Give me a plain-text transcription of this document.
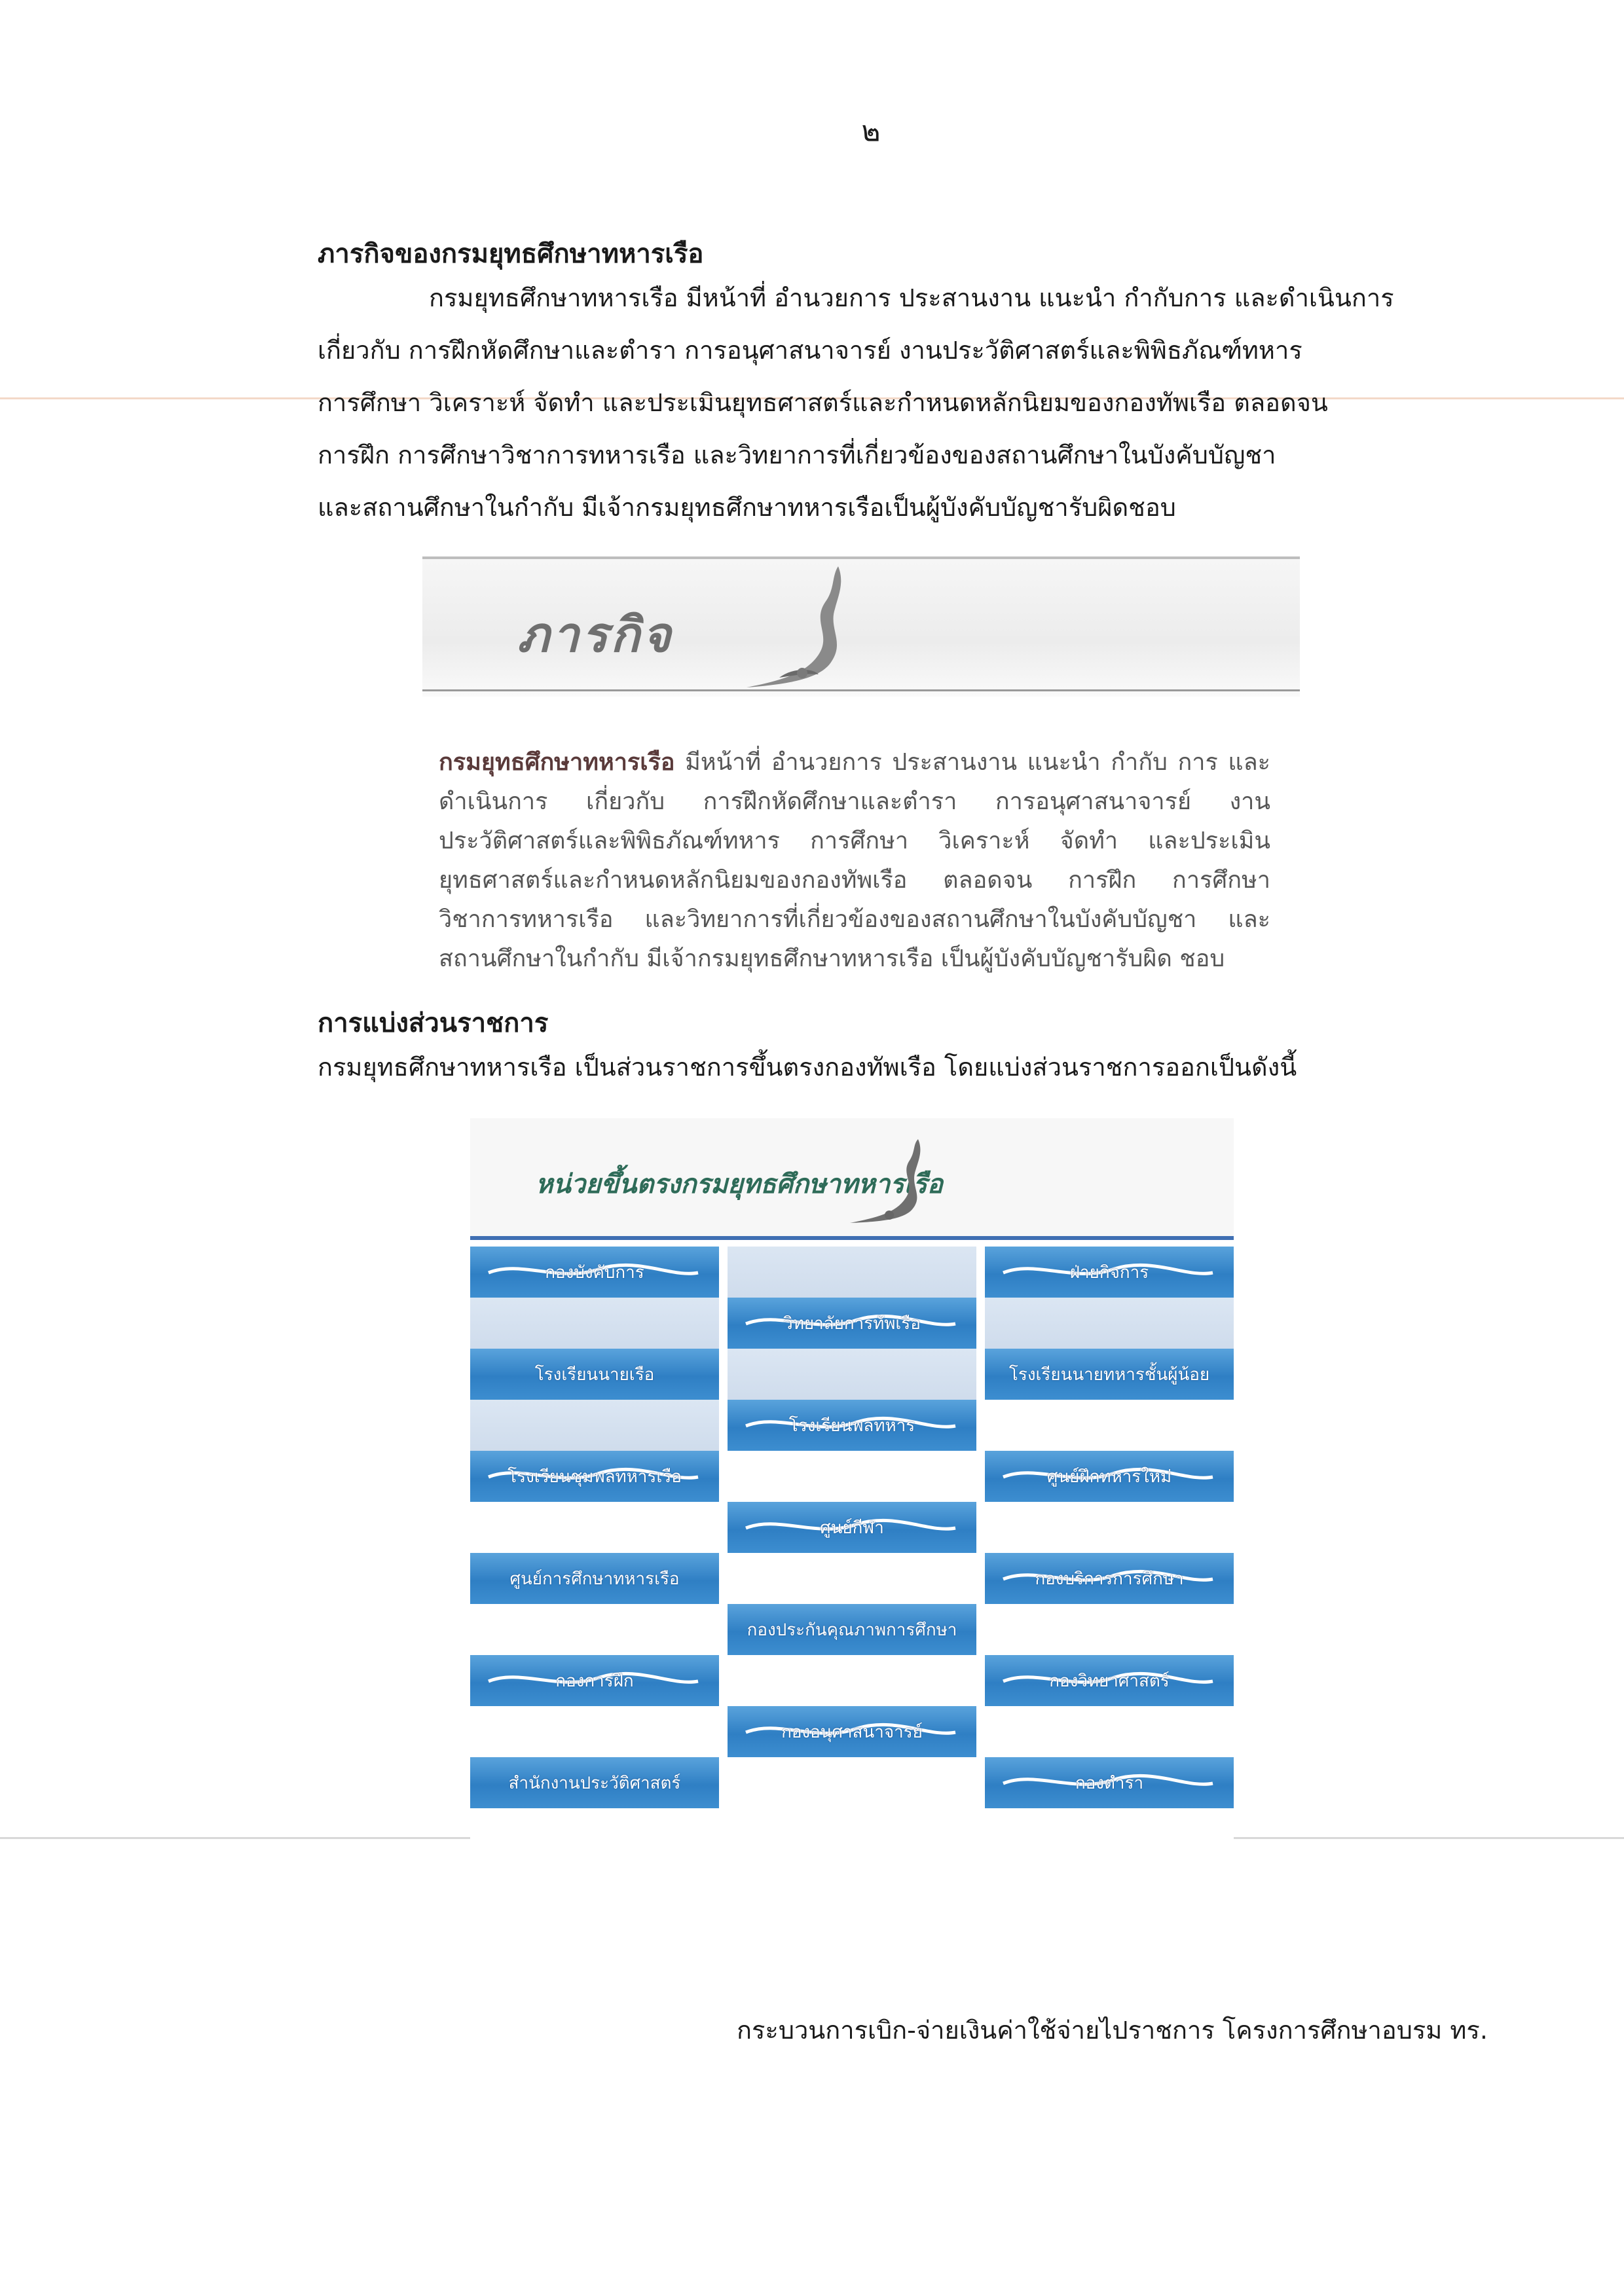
๒
ภารกิจของกรมยุทธศึกษาทหารเรือ

กรมยุทธศึกษาทหารเรือ มีหน้าที่ อำนวยการ ประสานงาน แนะนำ กำกับการ และดำเนินการ

เกี่ยวกับ การฝึกหัดศึกษาและตำรา การอนุศาสนาจารย์ งานประวัติศาสตร์และพิพิธภัณฑ์ทหาร

การศึกษา วิเคราะห์ จัดทำ และประเมินยุทธศาสตร์และกำหนดหลักนิยมของกองทัพเรือ ตลอดจน

การฝึก การศึกษาวิชาการทหารเรือ และวิทยาการที่เกี่ยวข้องของสถานศึกษาในบังคับบัญชา

และสถานศึกษาในกำกับ มีเจ้ากรมยุทธศึกษาทหารเรือเป็นผู้บังคับบัญชารับผิดชอบ

ภารกิจ
กรมยุทธศึกษาทหารเรือ มีหน้าที่ อำนวยการ ประสานงาน แนะนำ กำกับ การ และดำเนินการ เกี่ยวกับ การฝึกหัดศึกษาและตำรา การอนุศาสนาจารย์ งานประวัติศาสตร์และพิพิธภัณฑ์ทหาร การศึกษา วิเคราะห์ จัดทำ และประเมิน ยุทธศาสตร์และกำหนดหลักนิยมของกองทัพเรือ ตลอดจน การฝึก การศึกษา วิชาการทหารเรือ และวิทยาการที่เกี่ยวข้องของสถานศึกษาในบังคับบัญชา และ สถานศึกษาในกำกับ มีเจ้ากรมยุทธศึกษาทหารเรือ เป็นผู้บังคับบัญชารับผิด ชอบ
การแบ่งส่วนราชการ
กรมยุทธศึกษาทหารเรือ เป็นส่วนราชการขึ้นตรงกองทัพเรือ โดยแบ่งส่วนราชการออกเป็นดังนี้
หน่วยขึ้นตรงกรมยุทธศึกษาทหารเรือ
กองบังคับการ
โรงเรียนนายเรือ
โรงเรียนชุมพลทหารเรือ
ศูนย์การศึกษาทหารเรือ
กองการฝึก
สำนักงานประวัติศาสตร์
วิทยาลัยการทัพเรือ
โรงเรียนพลทหาร
ศูนย์กีฬา
กองประกันคุณภาพการศึกษา
กองอนุศาสนาจารย์
ฝ่ายกิจการ
โรงเรียนนายทหารชั้นผู้น้อย
ศูนย์ฝึกทหารใหม่
กองบริการการศึกษา
กองวิทยาศาสตร์
กองตำรา
กระบวนการเบิก-จ่ายเงินค่าใช้จ่ายไปราชการ โครงการศึกษาอบรม ทร.
